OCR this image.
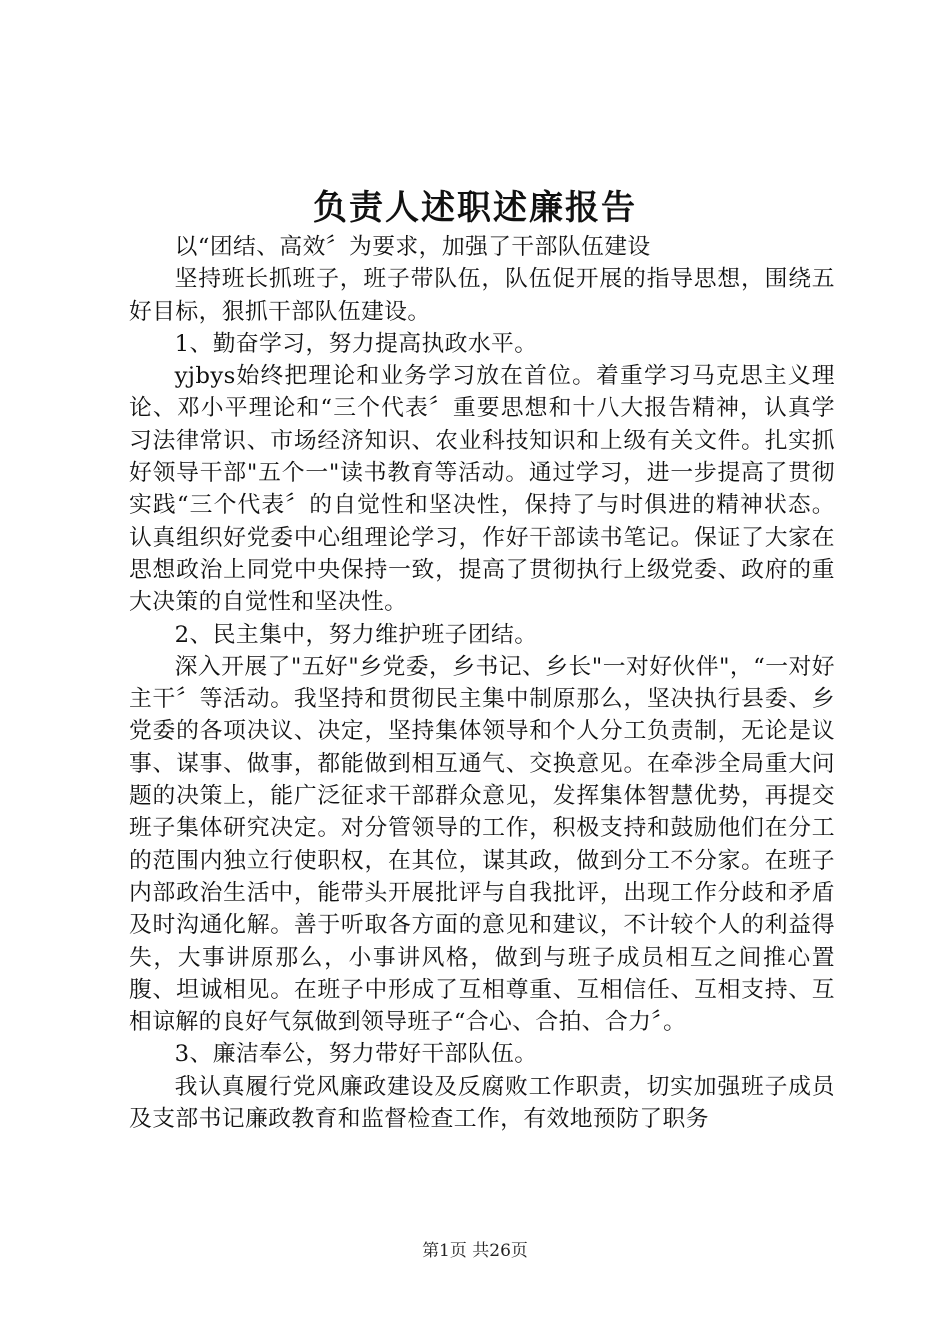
负责人述职述廉报告

以“团结、高效〞为要求，加强了干部队伍建设

坚持班长抓班子，班子带队伍，队伍促开展的指导思想，围绕五好目标，狠抓干部队伍建设。

1、勤奋学习，努力提高执政水平。

yjbys始终把理论和业务学习放在首位。着重学习马克思主义理论、邓小平理论和“三个代表〞重要思想和十八大报告精神，认真学习法律常识、市场经济知识、农业科技知识和上级有关文件。扎实抓好领导干部"五个一"读书教育等活动。通过学习，进一步提高了贯彻实践“三个代表〞的自觉性和坚决性，保持了与时俱进的精神状态。认真组织好党委中心组理论学习，作好干部读书笔记。保证了大家在思想政治上同党中央保持一致，提高了贯彻执行上级党委、政府的重大决策的自觉性和坚决性。

2、民主集中，努力维护班子团结。

深入开展了"五好"乡党委，乡书记、乡长"一对好伙伴"，“一对好主干〞等活动。我坚持和贯彻民主集中制原那么，坚决执行县委、乡党委的各项决议、决定，坚持集体领导和个人分工负责制，无论是议事、谋事、做事，都能做到相互通气、交换意见。在牵涉全局重大问题的决策上，能广泛征求干部群众意见，发挥集体智慧优势，再提交班子集体研究决定。对分管领导的工作，积极支持和鼓励他们在分工的范围内独立行使职权，在其位，谋其政，做到分工不分家。在班子内部政治生活中，能带头开展批评与自我批评，出现工作分歧和矛盾及时沟通化解。善于听取各方面的意见和建议，不计较个人的利益得失，大事讲原那么，小事讲风格，做到与班子成员相互之间推心置腹、坦诚相见。在班子中形成了互相尊重、互相信任、互相支持、互相谅解的良好气氛做到领导班子“合心、合拍、合力〞。

3、廉洁奉公，努力带好干部队伍。

我认真履行党风廉政建设及反腐败工作职责，切实加强班子成员及支部书记廉政教育和监督检查工作，有效地预防了职务

第1页 共26页
